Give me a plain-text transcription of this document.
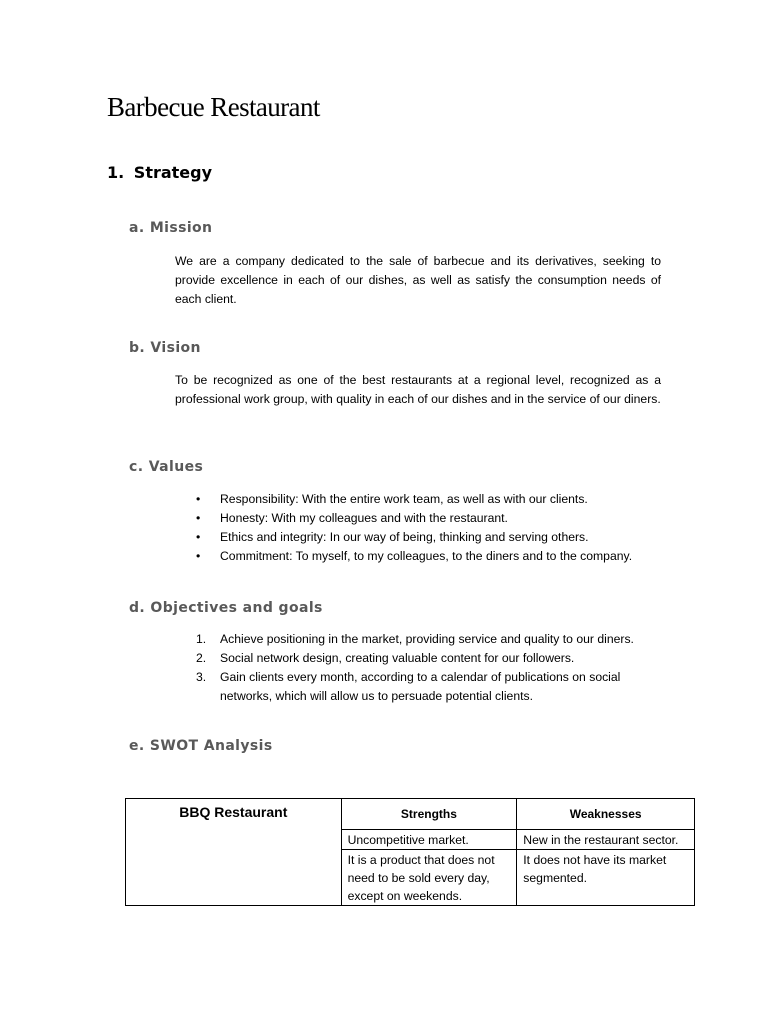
Barbecue Restaurant
1. Strategy
a. Mission
We are a company dedicated to the sale of barbecue and its derivatives, seeking to provide excellence in each of our dishes, as well as satisfy the consumption needs of each client.
b. Vision
To be recognized as one of the best restaurants at a regional level, recognized as a professional work group, with quality in each of our dishes and in the service of our diners.
c. Values
•	Responsibility: With the entire work team, as well as with our clients.
•	Honesty: With my colleagues and with the restaurant.
•	Ethics and integrity: In our way of being, thinking and serving others.
•	Commitment: To myself, to my colleagues, to the diners and to the company.
d. Objectives and goals
1.	Achieve positioning in the market, providing service and quality to our diners.
2.	Social network design, creating valuable content for our followers.
3.	Gain clients every month, according to a calendar of publications on social networks, which will allow us to persuade potential clients.
e. SWOT Analysis
BBQ Restaurant	Strengths	Weaknesses
	Uncompetitive market.	New in the restaurant sector.
	It is a product that does not need to be sold every day, except on weekends.	It does not have its market segmented.
